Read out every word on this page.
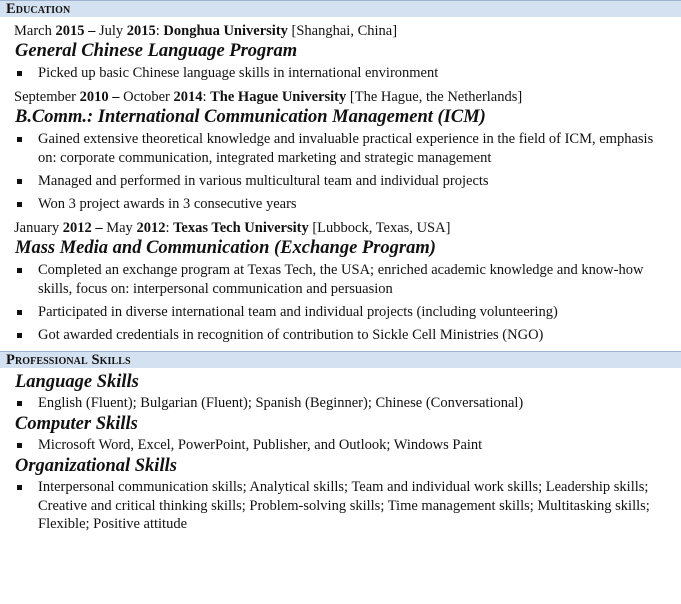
Education
March 2015 – July 2015: Donghua University [Shanghai, China]
General Chinese Language Program
Picked up basic Chinese language skills in international environment
September 2010 – October 2014: The Hague University [The Hague, the Netherlands]
B.Comm.: International Communication Management (ICM)
Gained extensive theoretical knowledge and invaluable practical experience in the field of ICM, emphasis on: corporate communication, integrated marketing and strategic management
Managed and performed in various multicultural team and individual projects
Won 3 project awards in 3 consecutive years
January 2012 – May 2012: Texas Tech University [Lubbock, Texas, USA]
Mass Media and Communication (Exchange Program)
Completed an exchange program at Texas Tech, the USA; enriched academic knowledge and know-how skills, focus on: interpersonal communication and persuasion
Participated in diverse international team and individual projects (including volunteering)
Got awarded credentials in recognition of contribution to Sickle Cell Ministries (NGO)
Professional Skills
Language Skills
English (Fluent); Bulgarian (Fluent); Spanish (Beginner); Chinese (Conversational)
Computer Skills
Microsoft Word, Excel, PowerPoint, Publisher, and Outlook; Windows Paint
Organizational Skills
Interpersonal communication skills; Analytical skills; Team and individual work skills; Leadership skills; Creative and critical thinking skills; Problem-solving skills; Time management skills; Multitasking skills; Flexible; Positive attitude
